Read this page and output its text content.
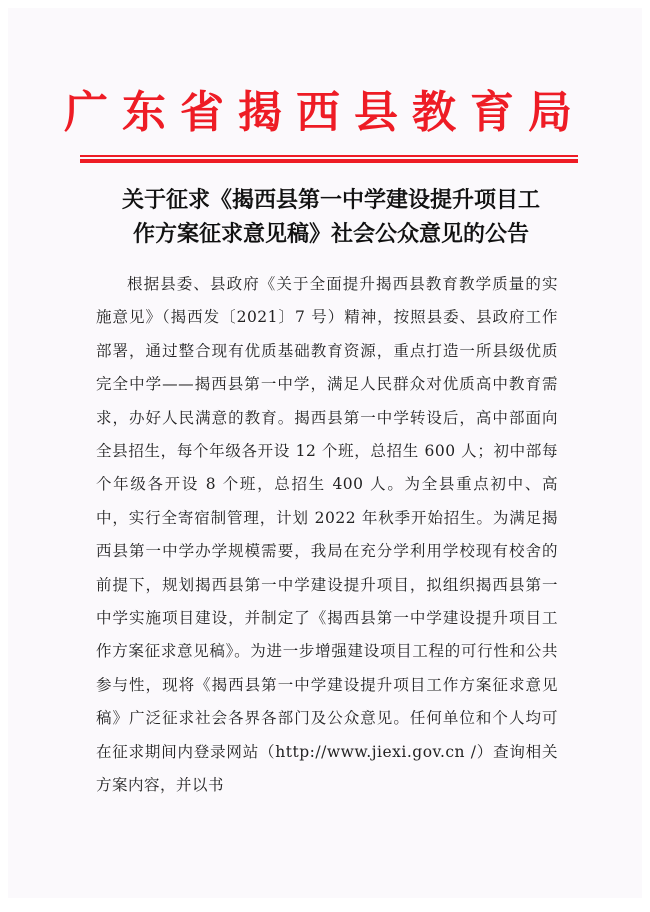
广东省揭西县教育局
关于征求《揭西县第一中学建设提升项目工
作方案征求意见稿》社会公众意见的公告
根据县委、县政府《关于全面提升揭西县教育教学质量的实施意见》（揭西发〔2021〕7 号）精神，按照县委、县政府工作部署，通过整合现有优质基础教育资源，重点打造一所县级优质完全中学——揭西县第一中学，满足人民群众对优质高中教育需求，办好人民满意的教育。揭西县第一中学转设后，高中部面向全县招生，每个年级各开设 12 个班，总招生 600 人；初中部每个年级各开设 8 个班，总招生 400 人。为全县重点初中、高中，实行全寄宿制管理，计划 2022 年秋季开始招生。为满足揭西县第一中学办学规模需要，我局在充分学利用学校现有校舍的前提下，规划揭西县第一中学建设提升项目，拟组织揭西县第一中学实施项目建设，并制定了《揭西县第一中学建设提升项目工作方案征求意见稿》。为进一步增强建设项目工程的可行性和公共参与性，现将《揭西县第一中学建设提升项目工作方案征求意见稿》广泛征求社会各界各部门及公众意见。任何单位和个人均可在征求期间内登录网站（http://www.jiexi.gov.cn /）查询相关方案内容，并以书
